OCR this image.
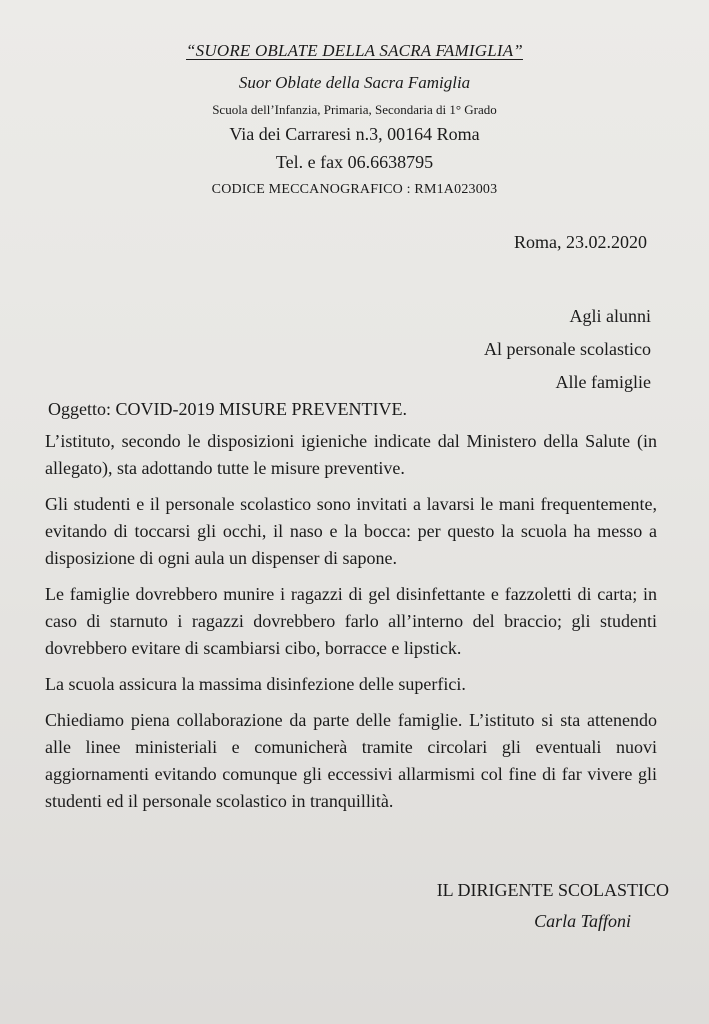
“SUORE OBLATE DELLA SACRA FAMIGLIA”
Suor Oblate della Sacra Famiglia
Scuola dell’Infanzia, Primaria, Secondaria di 1° Grado
Via dei Carraresi n.3, 00164 Roma
Tel. e fax 06.6638795
CODICE MECCANOGRAFICO : RM1A023003
Roma, 23.02.2020
Agli alunni
Al personale scolastico
Alle famiglie
Oggetto: COVID-2019 MISURE PREVENTIVE.
L’istituto, secondo le disposizioni igieniche indicate dal Ministero della Salute (in allegato), sta adottando tutte le misure preventive.
Gli studenti e il personale scolastico sono invitati a lavarsi le mani frequentemente, evitando di toccarsi gli occhi, il naso e la bocca: per questo la scuola ha messo a disposizione di ogni aula un dispenser di sapone.
Le famiglie dovrebbero munire i ragazzi di gel disinfettante e fazzoletti di carta; in caso di starnuto i ragazzi dovrebbero farlo all’interno del braccio; gli studenti dovrebbero evitare di scambiarsi cibo, borracce e lipstick.
La scuola assicura la massima disinfezione delle superfici.
Chiediamo piena collaborazione da parte delle famiglie. L’istituto si sta attenendo alle linee ministeriali e comunicherà tramite circolari gli eventuali nuovi aggiornamenti evitando comunque gli eccessivi allarmismi col fine di far vivere gli studenti ed il personale scolastico in tranquillità.
IL DIRIGENTE SCOLASTICO
Carla Taffoni
